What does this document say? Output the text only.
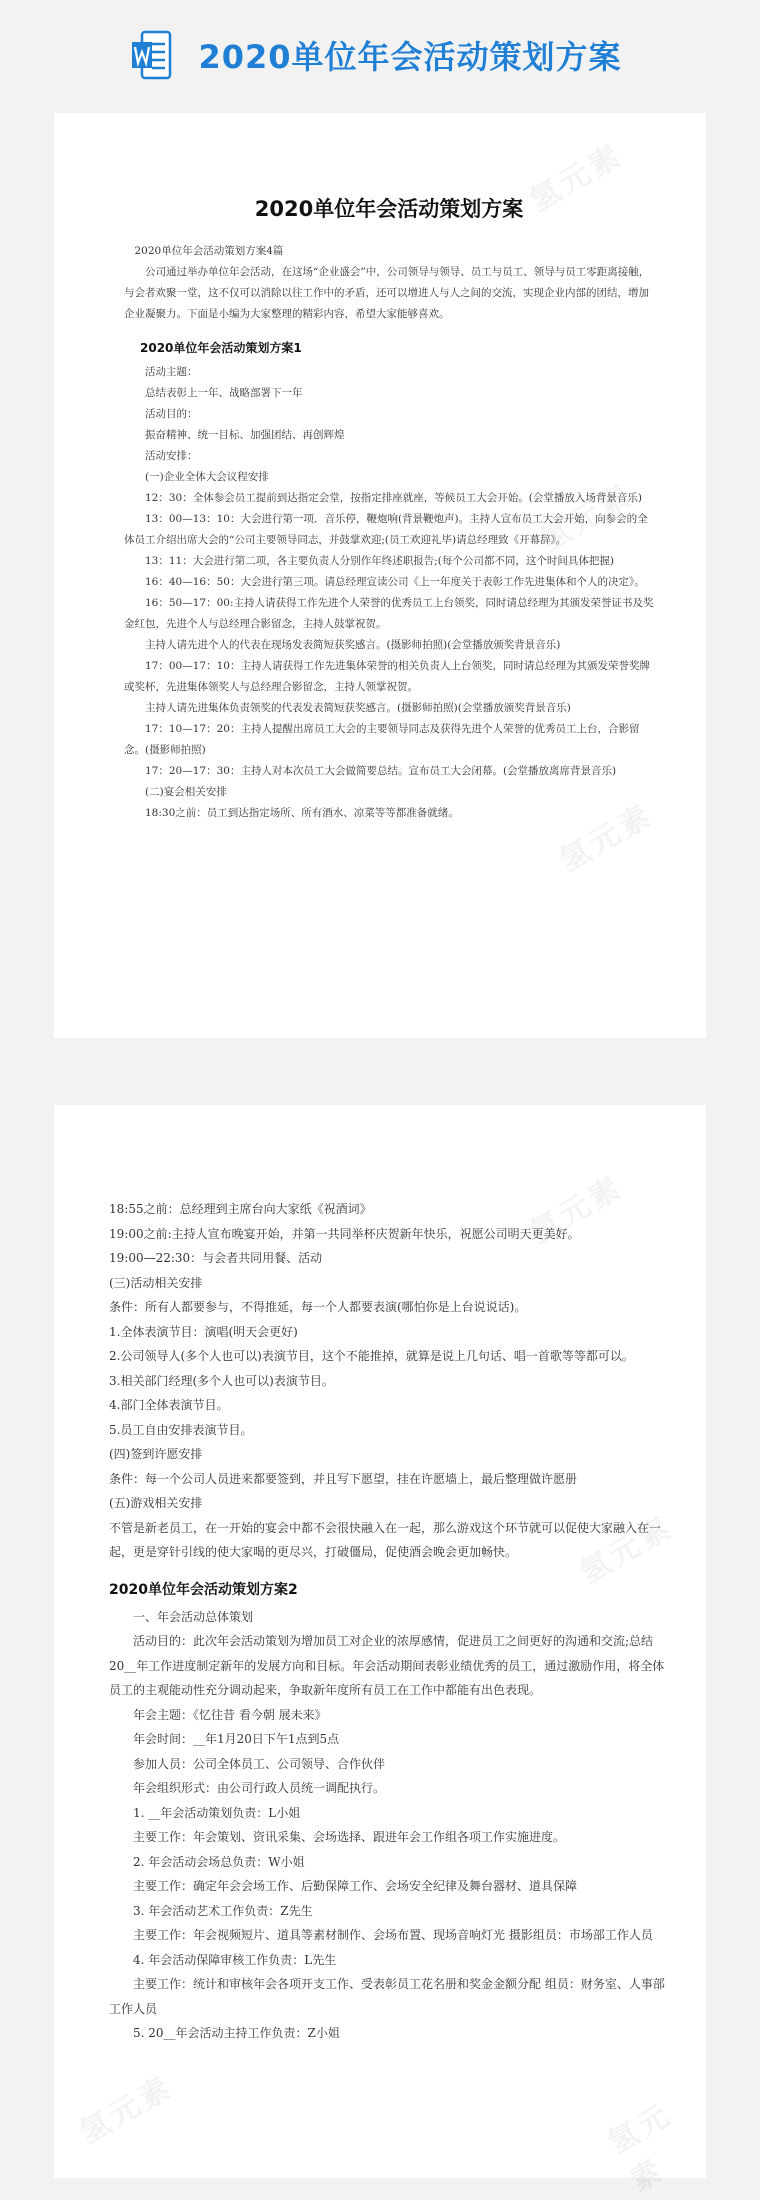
2020单位年会活动策划方案
氢元素
氢元素
氢元素
2020单位年会活动策划方案

2020单位年会活动策划方案4篇

公司通过举办单位年会活动，在这场“企业盛会”中，公司领导与领导、员工与员工、领导与员工零距离接触，与会者欢聚一堂，这不仅可以消除以往工作中的矛盾，还可以增进人与人之间的交流，实现企业内部的团结，增加企业凝聚力。下面是小编为大家整理的精彩内容，希望大家能够喜欢。

2020单位年会活动策划方案1

活动主题：

总结表彰上一年、战略部署下一年

活动目的：

振奋精神、统一目标、加强团结、再创辉煌

活动安排：

(一)企业全体大会议程安排

12：30：全体参会员工提前到达指定会堂，按指定排座就座，等候员工大会开始。(会堂播放入场背景音乐)

13：00—13：10：大会进行第一项．音乐停，鞭炮响(背景鞭炮声)。主持人宣布员工大会开始，向参会的全体员工介绍出席大会的“公司主要领导同志，并鼓掌欢迎;(员工欢迎礼毕)请总经理致《开幕辞》。

13：11：大会进行第二项，各主要负责人分别作年终述职报告;(每个公司都不同，这个时间具体把握)

16：40—16：50：大会进行第三项。请总经理宣读公司《上一年度关于表彰工作先进集体和个人的决定》。

16：50—17：00:主持人请获得工作先进个人荣誉的优秀员工上台领奖，同时请总经理为其颁发荣誉证书及奖金红包，先进个人与总经理合影留念，主持人鼓掌祝贺。

主持人请先进个人的代表在现场发表简短获奖感言。(摄影师拍照)(会堂播放颁奖背景音乐)

17：00—17：10：主持人请获得工作先进集体荣誉的相关负责人上台领奖，同时请总经理为其颁发荣誉奖牌或奖杯，先进集体领奖人与总经理合影留念，主持人领掌祝贺。

主持人请先进集体负责领奖的代表发表简短获奖感言。(摄影师拍照)(会堂播放颁奖背景音乐)

17：10—17：20：主持人提醒出席员工大会的主要领导同志及获得先进个人荣誉的优秀员工上台，合影留念。(摄影师拍照)

17：20—17：30：主持人对本次员工大会做简要总结。宣布员工大会闭幕。(会堂播放离席背景音乐)

(二)宴会相关安排

18:30之前：员工到达指定场所、所有酒水、凉菜等等都准备就绪。

氢元素
氢元素
氢元素	氢元素

18:55之前：总经理到主席台向大家纸《祝酒词》

19:00之前:主持人宣布晚宴开始，并第一共同举杯庆贺新年快乐，祝愿公司明天更美好。

19:00—22:30：与会者共同用餐、活动

(三)活动相关安排

条件：所有人都要参与，不得推延，每一个人都要表演(哪怕你是上台说说话)。

1.全体表演节目：演唱(明天会更好)

2.公司领导人(多个人也可以)表演节目，这个不能推掉，就算是说上几句话、唱一首歌等等都可以。

3.相关部门经理(多个人也可以)表演节目。

4.部门全体表演节目。

5.员工自由安排表演节目。

(四)签到许愿安排

条件：每一个公司人员进来都要签到，并且写下愿望，挂在许愿墙上，最后整理做许愿册

(五)游戏相关安排

不管是新老员工，在一开始的宴会中都不会很快融入在一起，那么游戏这个环节就可以促使大家融入在一起，更是穿针引线的使大家喝的更尽兴，打破僵局，促使酒会晚会更加畅快。

2020单位年会活动策划方案2

一、年会活动总体策划

活动目的：此次年会活动策划为增加员工对企业的浓厚感情，促进员工之间更好的沟通和交流;总结20__年工作进度制定新年的发展方向和目标。年会活动期间表彰业绩优秀的员工，通过激励作用，将全体员工的主观能动性充分调动起来，争取新年度所有员工在工作中都能有出色表现。

年会主题：《忆往昔 看今朝 展未来》

年会时间：__年1月20日下午1点到5点

参加人员：公司全体员工、公司领导、合作伙伴

年会组织形式：由公司行政人员统一调配执行。

1. __年会活动策划负责：L小姐

主要工作：年会策划、资讯采集、会场选择、跟进年会工作组各项工作实施进度。

2. 年会活动会场总负责：W小姐

主要工作：确定年会会场工作、后勤保障工作、会场安全纪律及舞台器材、道具保障

3. 年会活动艺术工作负责：Z先生

主要工作：年会视频短片、道具等素材制作、会场布置、现场音响灯光 摄影组员：市场部工作人员

4. 年会活动保障审核工作负责：L先生

主要工作：统计和审核年会各项开支工作、受表彰员工花名册和奖金金额分配 组员：财务室、人事部工作人员

5. 20__年会活动主持工作负责：Z小姐
